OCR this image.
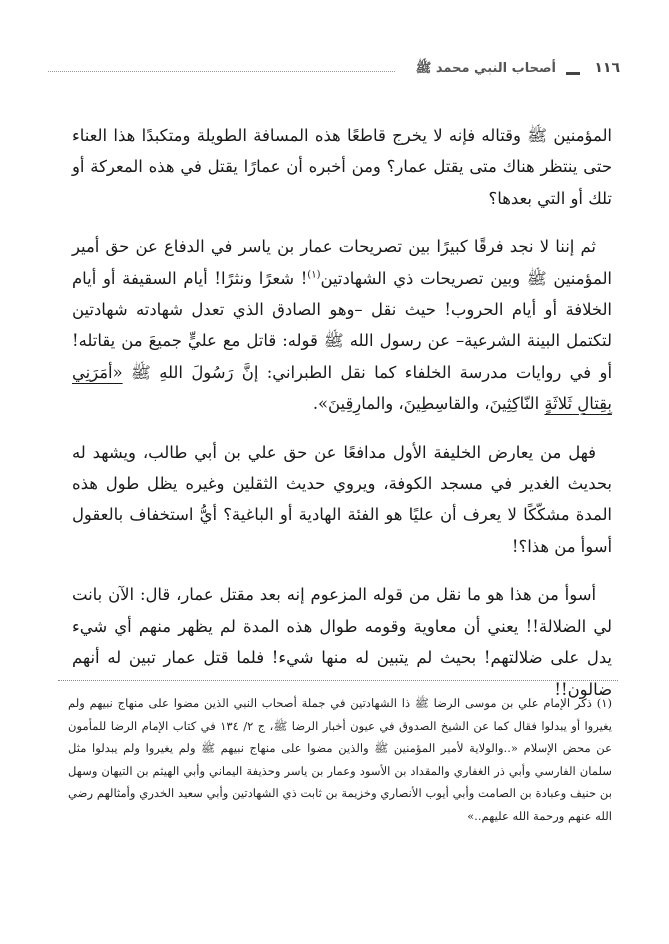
١١٦
أصحاب النبي محمد ﷺ

المؤمنين ﷺ وقتاله فإنه لا يخرج قاطعًا هذه المسافة الطويلة ومتكبدًا هذا العناء حتى ينتظر هناك متى يقتل عمار؟ ومن أخبره أن عمارًا يقتل في هذه المعركة أو تلك أو التي بعدها؟

ثم إننا لا نجد فرقًا كبيرًا بين تصريحات عمار بن ياسر في الدفاع عن حق أمير المؤمنين ﷺ وبين تصريحات ذي الشهادتين$^{(١)}$! شعرًا ونثرًا! أيام السقيفة أو أيام الخلافة أو أيام الحروب! حيث نقل –وهو الصادق الذي تعدل شهادته شهادتين لتكتمل البينة الشرعية– عن رسول الله ﷺ قوله: قاتل مع عليٍّ جميعَ من يقاتله! أو في روايات مدرسة الخلفاء كما نقل الطبراني: إنَّ رَسُولَ اللهِ ﷺ «أمَرَنِي بِقِتالِ ثَلاثَةٍ النّاكِثِينَ، والقاسِطِينَ، والمارِقِينَ».

فهل من يعارض الخليفة الأول مدافعًا عن حق علي بن أبي طالب، ويشهد له بحديث الغدير في مسجد الكوفة، ويروي حديث الثقلين وغيره يظل طول هذه المدة مشكّكًا لا يعرف أن عليًا هو الفئة الهادية أو الباغية؟ أيُّ استخفاف بالعقول أسوأ من هذا؟!

أسوأ من هذا هو ما نقل من قوله المزعوم إنه بعد مقتل عمار، قال: الآن بانت لي الضلالة!! يعني أن معاوية وقومه طوال هذه المدة لم يظهر منهم أي شيء يدل على ضلالتهم! بحيث لم يتبين له منها شيء! فلما قتل عمار تبين له أنهم ضالون!!

(١) ذكر الإمام علي بن موسى الرضا ﷺ ذا الشهادتين في جملة أصحاب النبي الذين مضوا على منهاج نبيهم ولم يغيروا أو يبدلوا فقال كما عن الشيخ الصدوق في عيون أخبار الرضا ﷺ، ج ٢/ ١٣٤ في كتاب الإمام الرضا للمأمون عن محض الإسلام «..والولاية لأمير المؤمنين ﷺ والذين مضوا على منهاج نبيهم ﷺ ولم يغيروا ولم يبدلوا مثل سلمان الفارسي وأبي ذر الغفاري والمقداد بن الأسود وعمار بن ياسر وحذيفة اليماني وأبي الهيثم بن التيهان وسهل بن حنيف وعبادة بن الصامت وأبي أيوب الأنصاري وخزيمة بن ثابت ذي الشهادتين وأبي سعيد الخدري وأمثالهم رضي الله عنهم ورحمة الله عليهم..»
